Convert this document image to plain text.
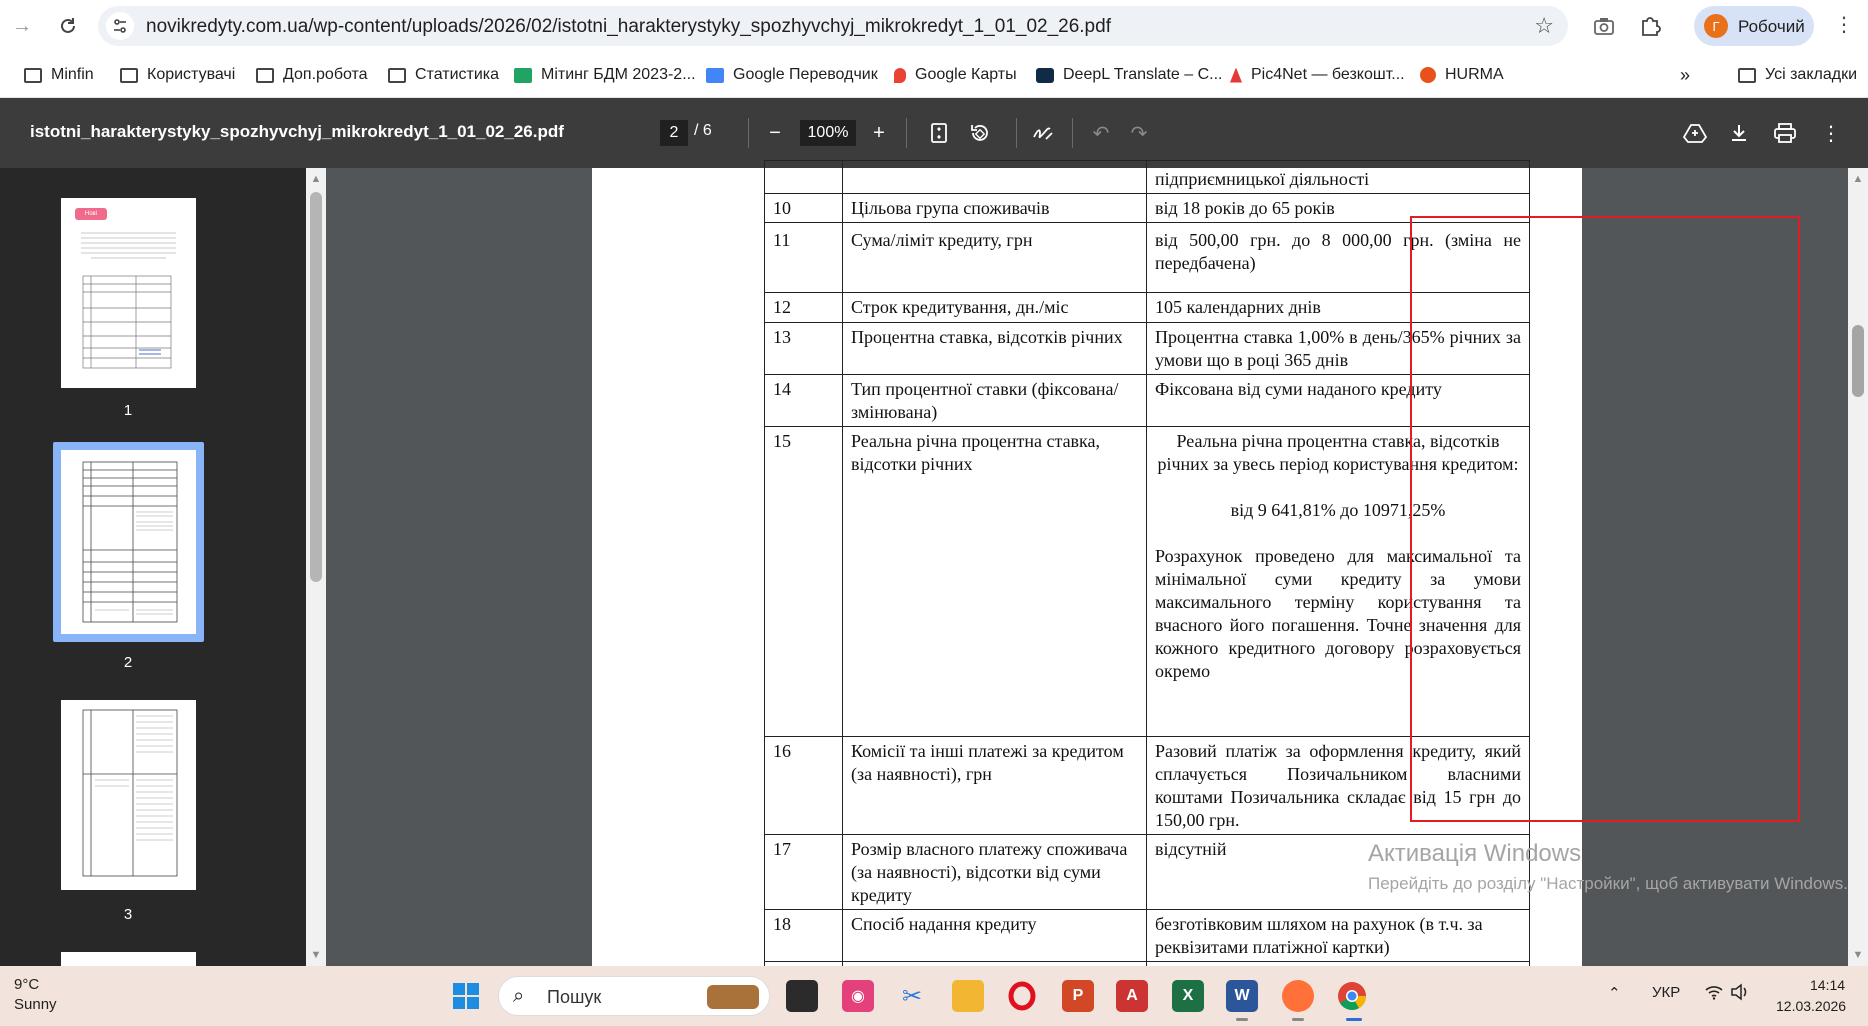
→	novikredyty.com.ua/wp-content/uploads/2026/02/istotni_harakterystyky_spozhyvchyj_mikrokredyt_1_01_02_26.pdf	☆	Г	Робочий ⋮
Minfin	Користувачі	Доп.робота	Статистика	Мітинг БДМ 2023-2... Google Переводчик Google Карты	DeepL Translate – С... Pic4Net — безкошт...	HURMA	»	Усі закладки
istotni_harakterystyky_spozhyvchyj_mikrokredyt_1_01_02_26.pdf	2 / 6	−	100%	+	↶ ↷	⋮
Нові Кредити
1
2
3
▲
▼
		підприємницької діяльності
10	Цільова група споживачів	від 18 років до 65 років
11	Сума/ліміт кредиту, грн	від 500,00 грн. до 8 000,00 грн. (зміна не передбачена)
12	Строк кредитування, дн./міс	105 календарних днів
13	Процентна ставка, відсотків річних	Процентна ставка 1,00% в день/365% річних за умови що в році 365 днів
14	Тип процентної ставки (фіксована/змінювана)	Фіксована від суми наданого кредиту
15	Реальна річна процентна ставка, відсотки річних	Реальна річна процентна ставка, відсотків річних за увесь період користування кредитом:
від 9 641,81% до 10971,25%
Розрахунок проведено для максимальної та мінімальної суми кредиту за умови максимального терміну користування та вчасного його погашення. Точне значення для кожного кредитного договору розраховується окремо

16	Комісії та інші платежі за кредитом (за наявності), грн	Разовий платіж за оформлення кредиту, який сплачується Позичальником власними коштами Позичальника складає від 15 грн до 150,00 грн.
17	Розмір власного платежу споживача (за наявності), відсотки від суми кредиту	відсутній
18	Спосіб надання кредиту	безготівковим шляхом на рахунок (в т.ч. за реквізитами платіжної картки)

▲
▼
Активація Windows
Перейдіть до розділу "Настройки", щоб активувати Windows.
9°C
Sunny	⌕ Пошук	◉	✂	P	A	X	W	⌃ УКР	14:14
12.03.2026
